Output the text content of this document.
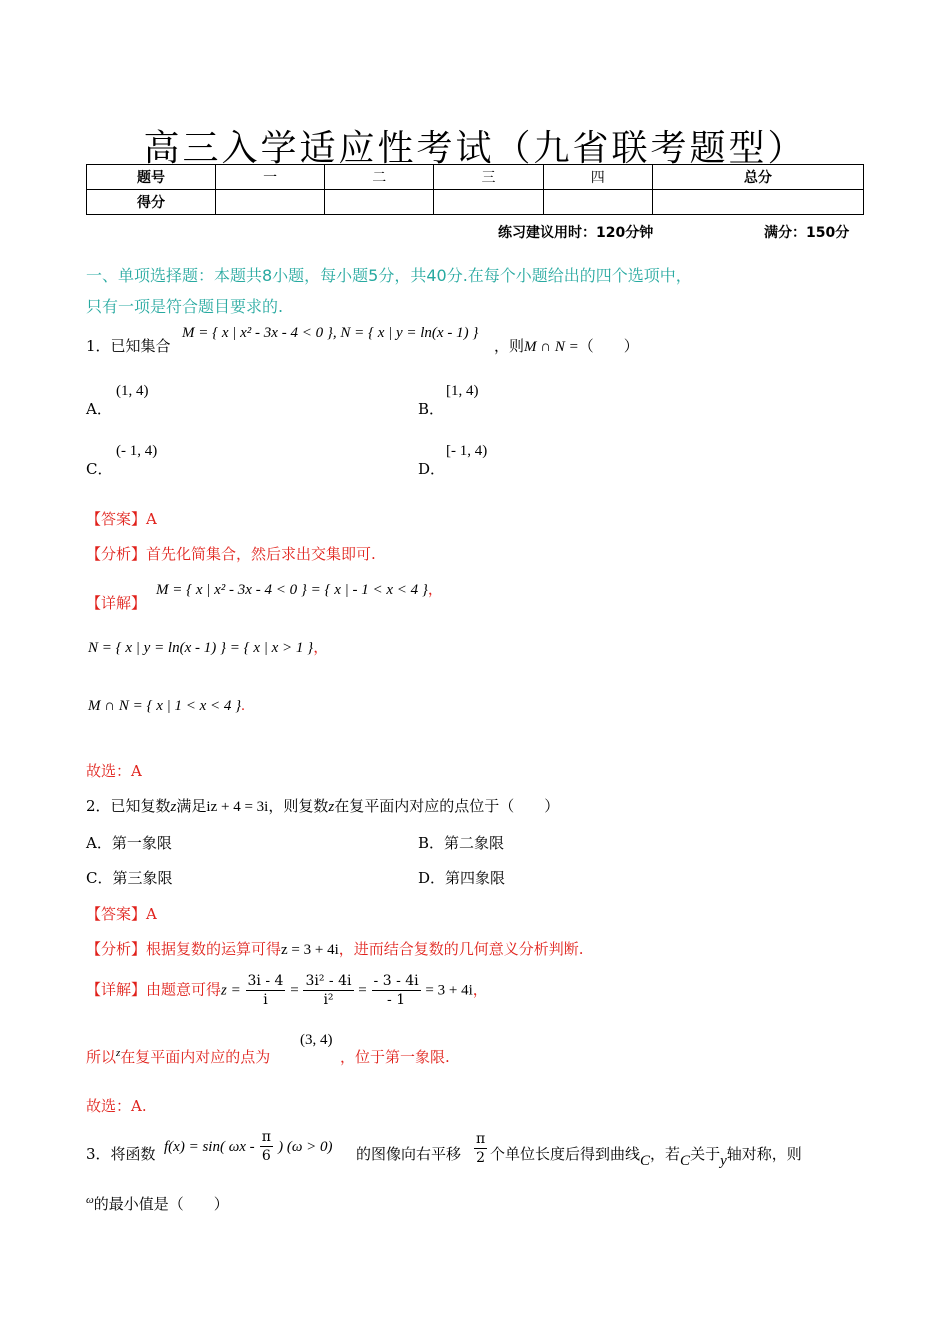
高三入学适应性考试（九省联考题型）
题号	一	二	三	四	总分
得分					
练习建议用时：120分钟	满分：150分
一、单项选择题：本题共8小题，每小题5分，共40分.在每个小题给出的四个选项中，
只有一项是符合题目要求的.
1．已知集合
M = { x | x² - 3x - 4 < 0 }, N = { x | y = ln(x - 1) }
，则M ∩ N =（　　）
A．
(1, 4)
B．
[1, 4)
C．
(- 1, 4)
D．
[- 1, 4)
【答案】A
【分析】首先化简集合，然后求出交集即可.
【详解】
M = { x | x² - 3x - 4 < 0 } = { x | - 1 < x < 4 }，
N = { x | y = ln(x - 1) } = { x | x > 1 }，
M ∩ N = { x | 1 < x < 4 }.
故选：A
2．已知复数z满足iz + 4 = 3i，则复数z在复平面内对应的点位于（　　）
A．第一象限	B．第二象限
C．第三象限	D．第四象限
【答案】A
【分析】根据复数的运算可得z = 3 + 4i，进而结合复数的几何意义分析判断.
【详解】由题意可得$z = \frac{3i - 4}{i} = \frac{\text{3i² - 4i}}{\text{i²}} = \frac{- 3 - 4i}{- 1} = 3 + 4i$，
所以$^z$在复平面内对应的点为
(3, 4)
，位于第一象限.
故选：A.
3．将函数 f(x) = sin( ωx - $\frac{\pi}{6}$ ) (ω > 0) 的图像向右平移 $\frac{\pi}{2}$ 个单位长度后得到曲线C，若C关于y轴对称，则
$^\omega$的最小值是（　　）
